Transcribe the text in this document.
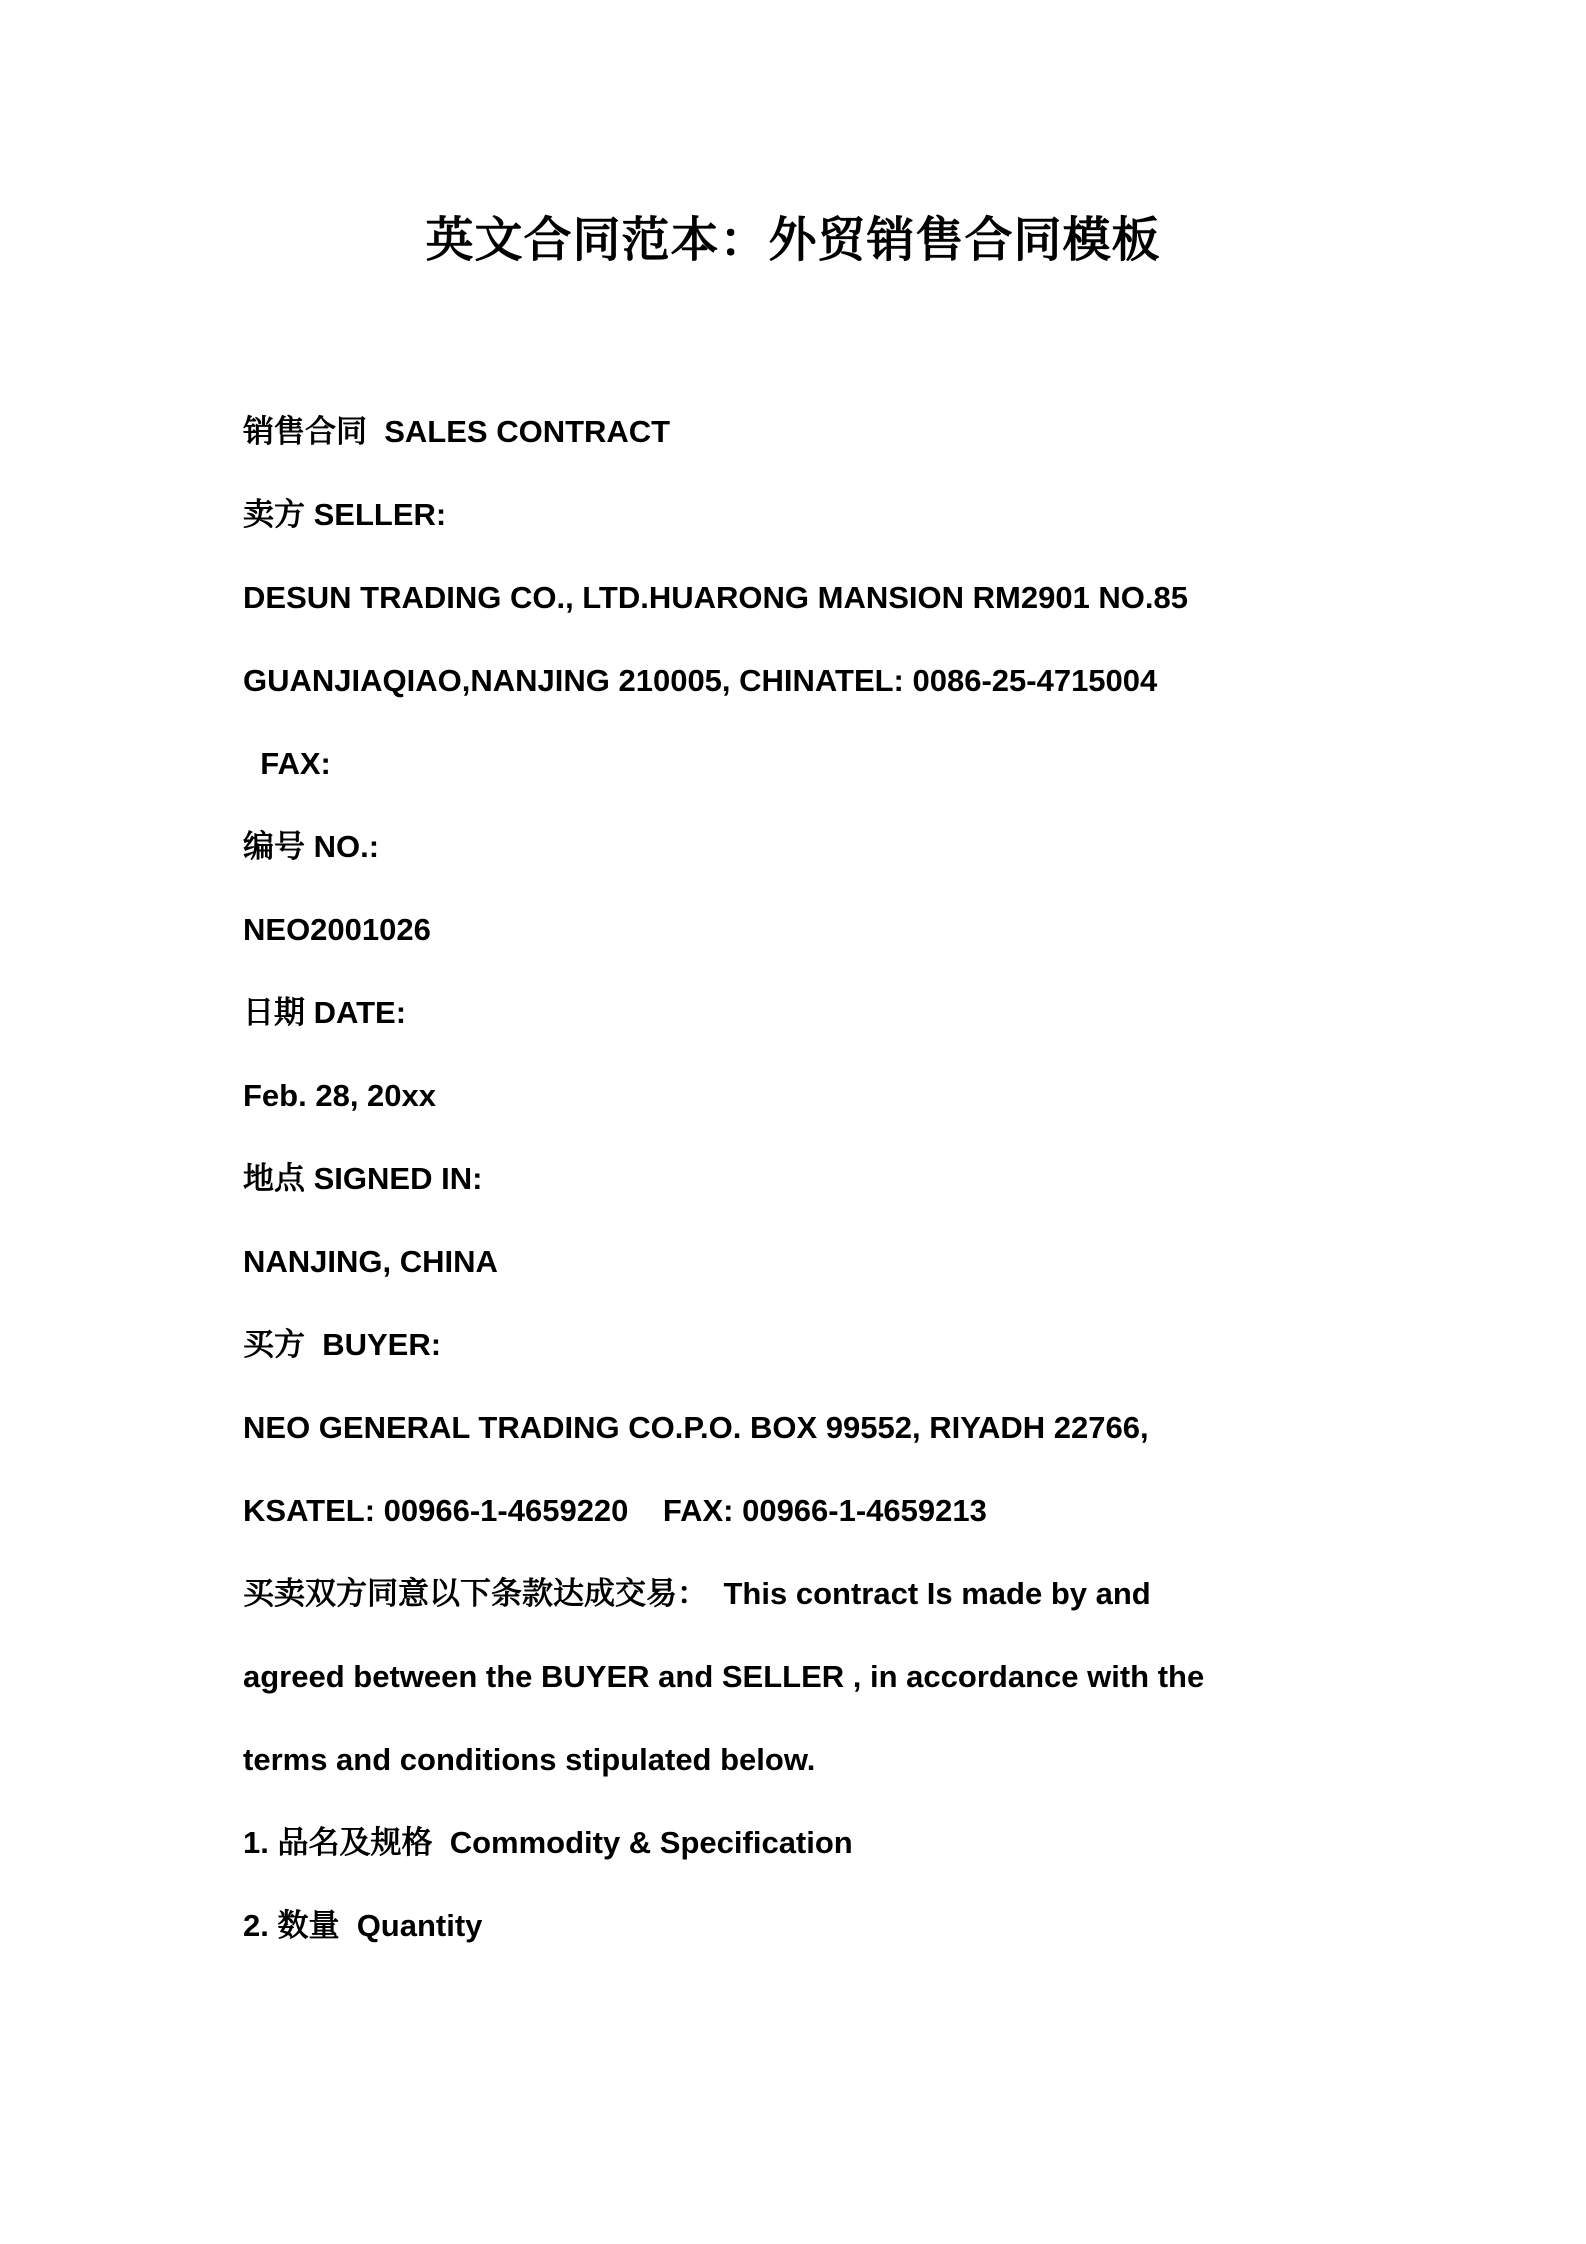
英文合同范本：外贸销售合同模板

销售合同  SALES CONTRACT

卖方 SELLER:

DESUN TRADING CO., LTD.HUARONG MANSION RM2901 NO.85

GUANJIAQIAO,NANJING 210005, CHINATEL: 0086-25-4715004

FAX:

编号 NO.:

NEO2001026

日期 DATE:

Feb. 28, 20xx

地点 SIGNED IN:

NANJING, CHINA

买方  BUYER:

NEO GENERAL TRADING CO.P.O. BOX 99552, RIYADH 22766,

KSATEL: 00966-1-4659220    FAX: 00966-1-4659213

买卖双方同意以下条款达成交易：　This contract Is made by and

agreed between the BUYER and SELLER , in accordance with the

terms and conditions stipulated below.

1. 品名及规格  Commodity & Specification

2. 数量  Quantity
